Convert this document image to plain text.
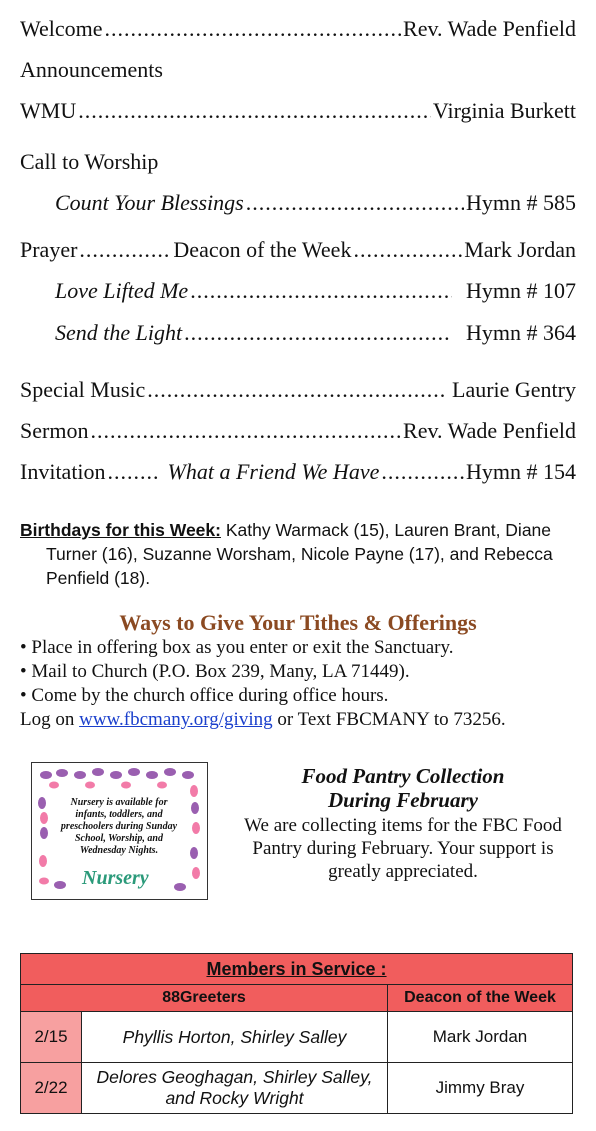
Welcome .....	Rev. Wade Penfield
Announcements
WMU .....	Virginia Burkett
Call to Worship
Count Your Blessings .....	Hymn # 585
Prayer .....	Deacon of the Week .....	Mark Jordan
Love Lifted Me .....	Hymn # 107
Send the Light .....	Hymn # 364
Special Music .....	Laurie Gentry
Sermon .....	Rev. Wade Penfield
Invitation .....	What a Friend We Have .....	Hymn # 154
Birthdays for this Week: Kathy Warmack (15), Lauren Brant, Diane Turner (16), Suzanne Worsham, Nicole Payne (17), and Rebecca Penfield (18).
Ways to Give Your Tithes & Offerings
• Place in offering box as you enter or exit the Sanctuary.
• Mail to Church (P.O. Box 239, Many, LA 71449).
• Come by the church office during office hours.
Log on www.fbcmany.org/giving or Text FBCMANY to 73256.
Nursery is available for infants, toddlers, and preschoolers during Sunday School, Worship, and Wednesday Nights.
Nursery
Food Pantry Collection
During February
We are collecting items for the FBC Food Pantry during February. Your support is greatly appreciated.
Members in Service :		
88Greeters		Deacon of the Week
2/15	Phyllis Horton, Shirley Salley	Mark Jordan
2/22	Delores Geoghagan, Shirley Salley, and Rocky Wright	Jimmy Bray
